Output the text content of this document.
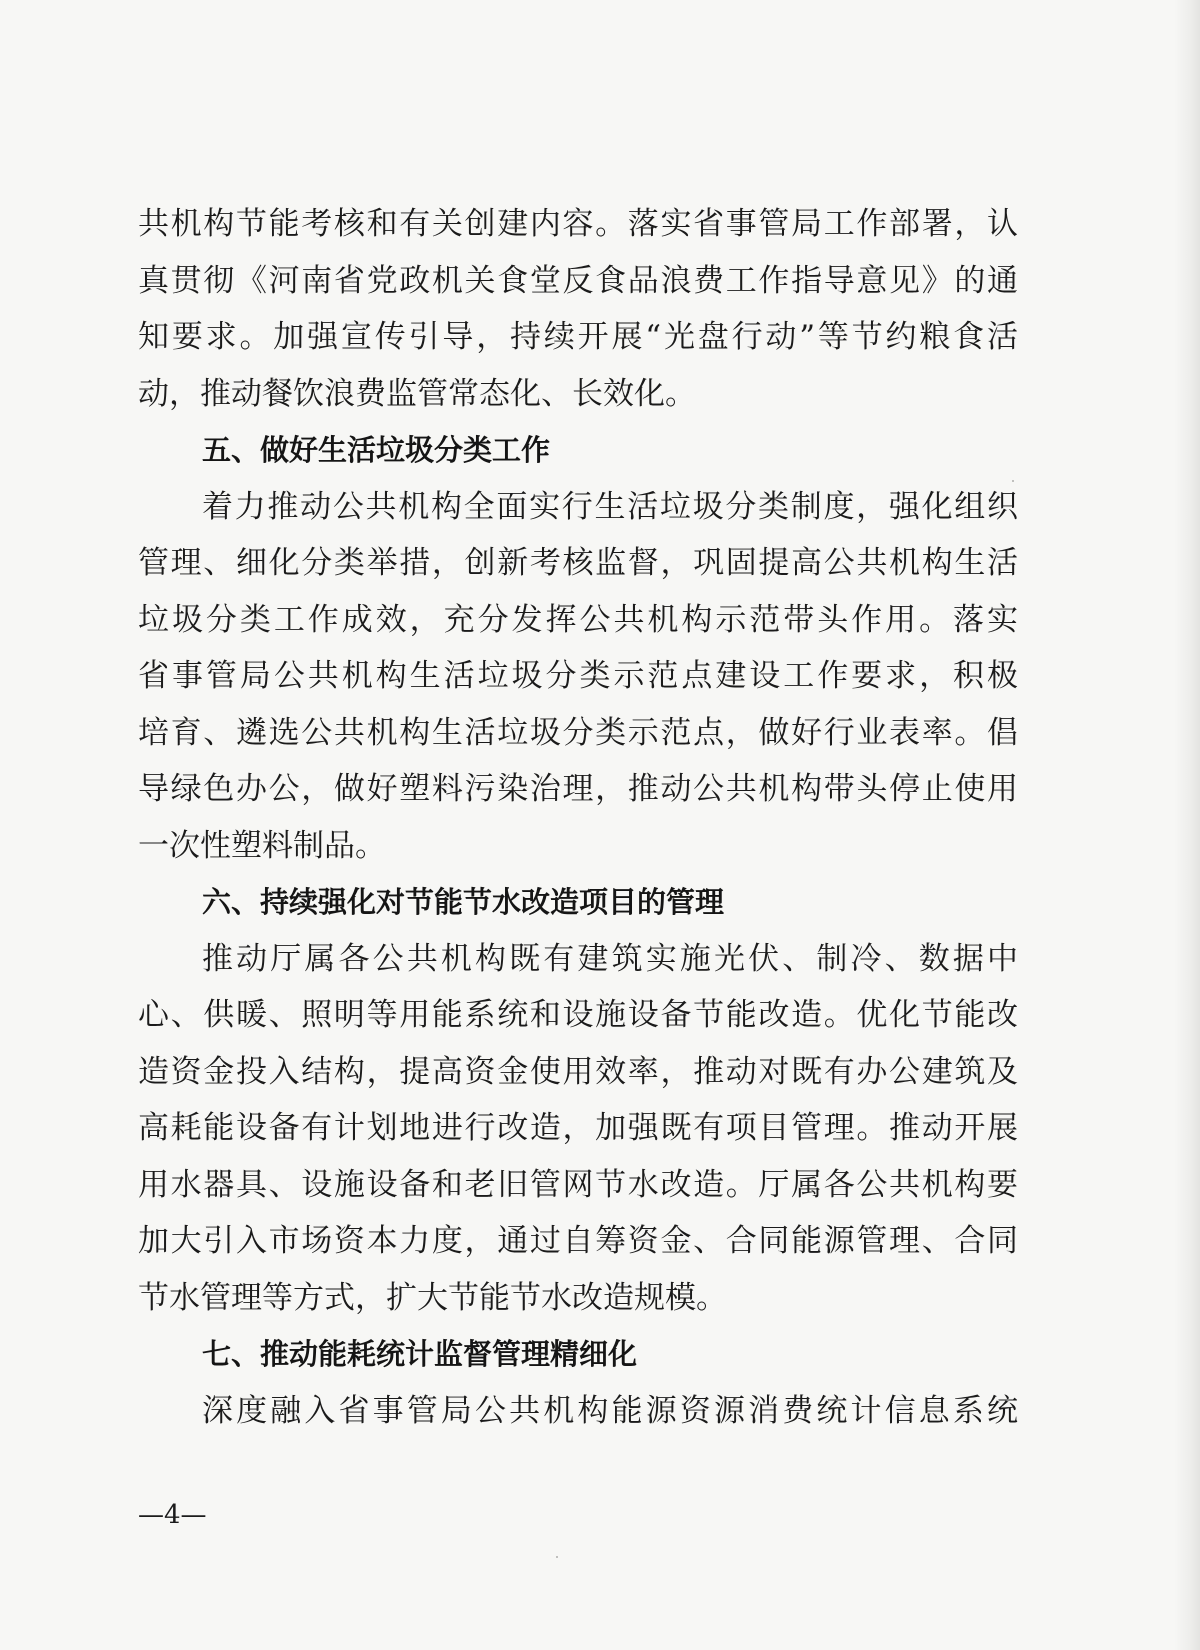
共机构节能考核和有关创建内容。落实省事管局工作部署，认
真贯彻《河南省党政机关食堂反食品浪费工作指导意见》的通
知要求。加强宣传引导，持续开展“光盘行动”等节约粮食活
动，推动餐饮浪费监管常态化、长效化。
五、做好生活垃圾分类工作
着力推动公共机构全面实行生活垃圾分类制度，强化组织
管理、细化分类举措，创新考核监督，巩固提高公共机构生活
垃圾分类工作成效，充分发挥公共机构示范带头作用。落实
省事管局公共机构生活垃圾分类示范点建设工作要求，积极
培育、遴选公共机构生活垃圾分类示范点，做好行业表率。倡
导绿色办公，做好塑料污染治理，推动公共机构带头停止使用
一次性塑料制品。
六、持续强化对节能节水改造项目的管理
推动厅属各公共机构既有建筑实施光伏、制冷、数据中
心、供暖、照明等用能系统和设施设备节能改造。优化节能改
造资金投入结构，提高资金使用效率，推动对既有办公建筑及
高耗能设备有计划地进行改造，加强既有项目管理。推动开展
用水器具、设施设备和老旧管网节水改造。厅属各公共机构要
加大引入市场资本力度，通过自筹资金、合同能源管理、合同
节水管理等方式，扩大节能节水改造规模。
七、推动能耗统计监督管理精细化
深度融入省事管局公共机构能源资源消费统计信息系统
—4—
